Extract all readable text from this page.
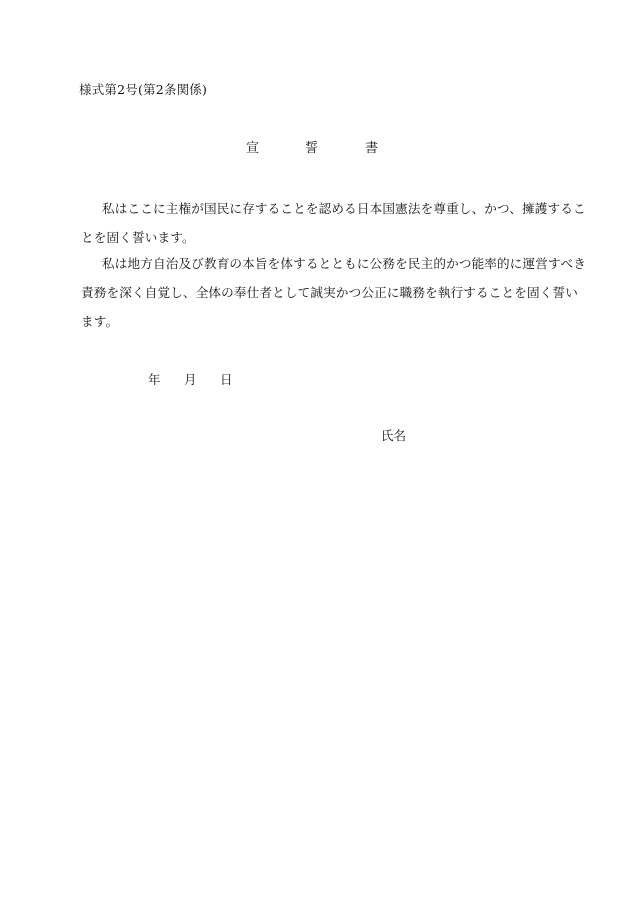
様式第2号(第2条関係)
宣	誓	書
私はここに主権が国民に存することを認める日本国憲法を尊重し、かつ、擁護するこ
とを固く誓います。
私は地方自治及び教育の本旨を体するとともに公務を民主的かつ能率的に運営すべき
責務を深く自覚し、全体の奉仕者として誠実かつ公正に職務を執行することを固く誓い
ます。
年 月 日
氏名
